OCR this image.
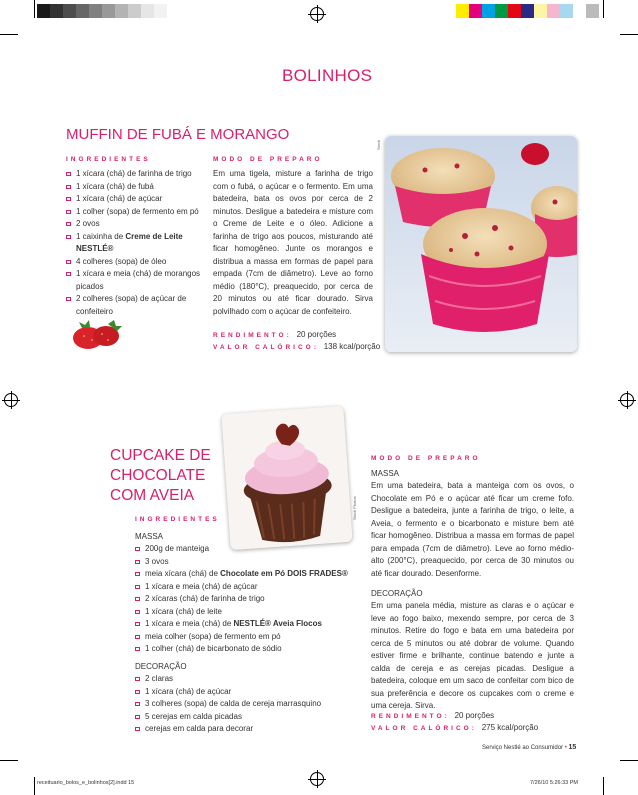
BOLINHOS
MUFFIN DE FUBÁ E MORANGO
INGREDIENTES
1 xícara (chá) de farinha de trigo
1 xícara (chá) de fubá
1 xícara (chá) de açúcar
1 colher (sopa) de fermento em pó
2 ovos
1 caixinha de Creme de Leite
NESTLÉ®
4 colheres (sopa) de óleo
1 xícara e meia (chá) de morangos
picados
2 colheres (sopa) de açúcar de
confeiteiro
MODO DE PREPARO
Em uma tigela, misture a farinha de trigo com o fubá, o açúcar e o fermento. Em uma batedeira, bata os ovos por cerca de 2 minutos. Desligue a batedeira e misture com o Creme de Leite e o óleo. Adicione a farinha de trigo aos poucos, misturando até ficar homogêneo. Junte os morangos e distribua a massa em formas de papel para empada (7cm de diâmetro). Leve ao forno médio (180°C), preaquecido, por cerca de 20 minutos ou até ficar dourado. Sirva polvilhado com o açúcar de confeiteiro.
RENDIMENTO: 20 porções
VALOR CALÓRICO: 138 kcal/porção
Stock
CUPCAKE DE
CHOCOLATE
COM AVEIA
Stock Photos
INGREDIENTES
MASSA
200g de manteiga
3 ovos
meia xícara (chá) de Chocolate em Pó DOIS FRADES®
1 xícara e meia (chá) de açúcar
2 xícaras (chá) de farinha de trigo
1 xícara (chá) de leite
1 xícara e meia (chá) de NESTLÉ® Aveia Flocos
meia colher (sopa) de fermento em pó
1 colher (chá) de bicarbonato de sódio
DECORAÇÃO
2 claras
1 xícara (chá) de açúcar
3 colheres (sopa) de calda de cereja marrasquino
5 cerejas em calda picadas
cerejas em calda para decorar
MODO DE PREPARO
MASSA
Em uma batedeira, bata a manteiga com os ovos, o Chocolate em Pó e o açúcar até ficar um creme fofo. Desligue a batedeira, junte a farinha de trigo, o leite, a Aveia, o fermento e o bicarbonato e misture bem até ficar homogêneo. Distribua a massa em formas de papel para empada (7cm de diâmetro). Leve ao forno médio-alto (200°C), preaquecido, por cerca de 30 minutos ou até ficar dourado. Desenforme.
DECORAÇÃO
Em uma panela média, misture as claras e o açúcar e leve ao fogo baixo, mexendo sempre, por cerca de 3 minutos. Retire do fogo e bata em uma batedeira por cerca de 5 minutos ou até dobrar de volume. Quando estiver firme e brilhante, continue batendo e junte a calda de cereja e as cerejas picadas. Desligue a batedeira, coloque em um saco de confeitar com bico de sua preferência e decore os cupcakes com o creme e uma cereja. Sirva.
RENDIMENTO: 20 porções
VALOR CALÓRICO: 275 kcal/porção
Serviço Nestlé ao Consumidor • 15
receituario_bolos_e_bolinhos[2].indd 15	7/26/10 5:26:33 PM
